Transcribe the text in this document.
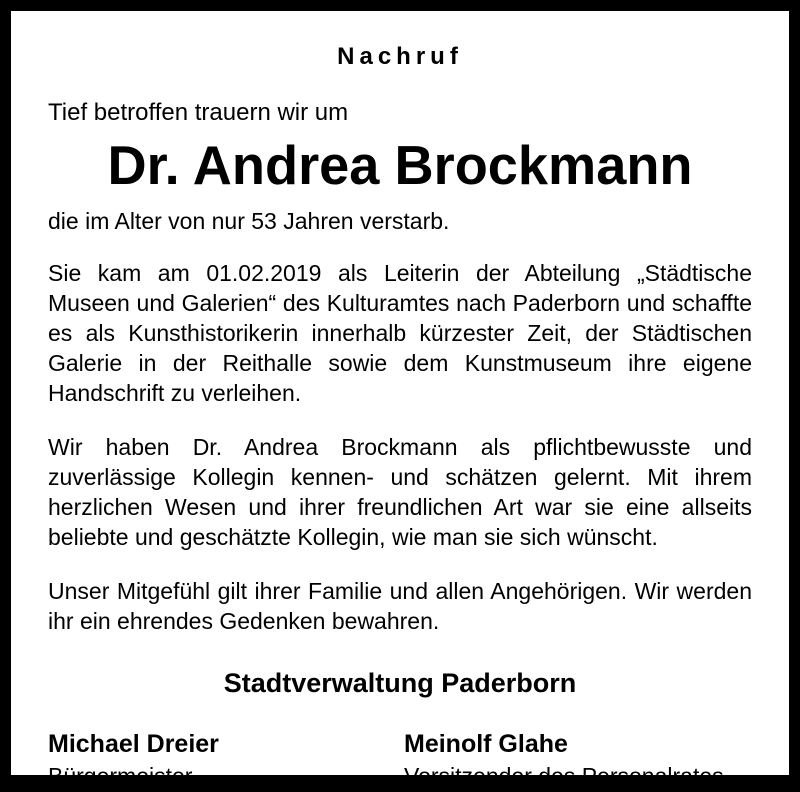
Nachruf
Tief betroffen trauern wir um
Dr. Andrea Brockmann
die im Alter von nur 53 Jahren verstarb.

Sie kam am 01.02.2019 als Leiterin der Abteilung „Städtische Museen und Galerien“ des Kulturamtes nach Paderborn und schaffte es als Kunsthistorikerin innerhalb kürzester Zeit, der Städtischen Galerie in der Reithalle sowie dem Kunstmuseum ihre eigene Handschrift zu verleihen.

Wir haben Dr. Andrea Brockmann als pflichtbewusste und zuverlässige Kollegin kennen- und schätzen gelernt. Mit ihrem herzlichen Wesen und ihrer freundlichen Art war sie eine allseits beliebte und geschätzte Kollegin, wie man sie sich wünscht.

Unser Mitgefühl gilt ihrer Familie und allen Angehörigen. Wir werden ihr ein ehrendes Gedenken bewahren.

Stadtverwaltung Paderborn
Michael Dreier
Bürgermeister
Meinolf Glahe
Vorsitzender des Personalrates
